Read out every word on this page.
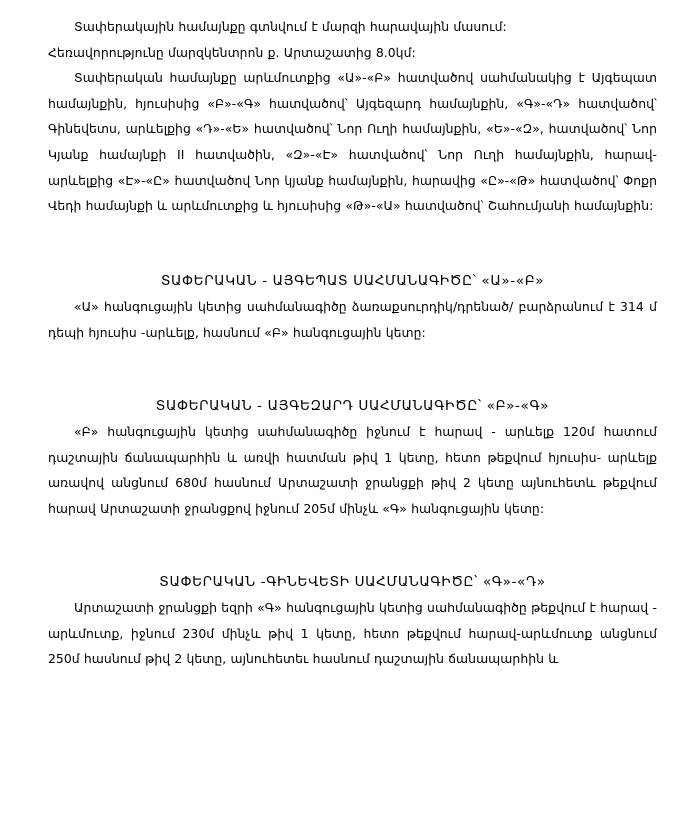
Տափերակային համայնքը գտնվում է մարզի հարավային մասում:

Հեռավորությունը մարզկենտրոն ք. Արտաշատից 8.0կմ:

Տափերական համայնքը արևմուտքից «Ա»-«Բ» հատվածով սահմանակից է Այգեպատ համայնքին, հյուսիսից «Բ»-«Գ» հատվածով՝ Այգեզարդ համայնքին, «Գ»-«Դ» հատվածով՝ Գինեվետս, արևելքից «Դ»-«Ե» հատվածով՝ Նոր Ուղի համայնքին, «Ե»-«Զ», հատվածով՝ Նոր Կյանք համայնքի II հատվածին, «Զ»-«Է» հատվածով՝ Նոր Ուղի համայնքին, հարավ- արևելքից «Է»-«Ը» հատվածով Նոր կյանք համայնքին, հարավից «Ը»-«Թ» հատվածով՝ Փոքր Վեդի համայնքի և արևմուտքից և հյուսիսից «Թ»-«Ա» հատվածով՝ Շահումյանի համայնքին:

ՏԱՓԵՐԱԿԱՆ - ԱՅԳԵՊԱՏ ՍԱՀՄԱՆԱԳԻԾԸ՝ «Ա»-«Բ»

«Ա» հանգուցային կետից սահմանագիծը ձառաքսուրդիկ/դրենած/ բարձրանում է 314 մ դեպի հյուսիս -արևելք, հասնում «Բ» հանգուցային կետը:

ՏԱՓԵՐԱԿԱՆ - ԱՅԳԵԶԱՐԴ ՍԱՀՄԱՆԱԳԻԾԸ՝ «Բ»-«Գ»

«Բ» հանգուցային կետից սահմանագիծը իջնում է հարավ - արևելք 120մ հատում դաշտային ճանապարհին և առվի հատման թիվ 1 կետը, հետո թեքվում հյուսիս- արևելք առավով անցնում 680մ հասնում Արտաշատի ջրանցքի թիվ 2 կետը այնուհետև թեքվում հարավ Արտաշատի ջրանցքով իջնում 205մ մինչև «Գ» հանգուցային կետը:

ՏԱՓԵՐԱԿԱՆ -ԳԻՆԵՎԵՏԻ ՍԱՀՄԱՆԱԳԻԾԸ՝ «Գ»-«Դ»

Արտաշատի ջրանցքի եզրի «Գ» հանգուցային կետից սահմանագիծը թեքվում է հարավ - արևմուտք, իջնում 230մ մինչև թիվ 1 կետը, հետո թեքվում հարավ-արևմուտք անցնում 250մ հասնում թիվ 2 կետը, այնուհետեւ հասնում դաշտային ճանապարհին և
